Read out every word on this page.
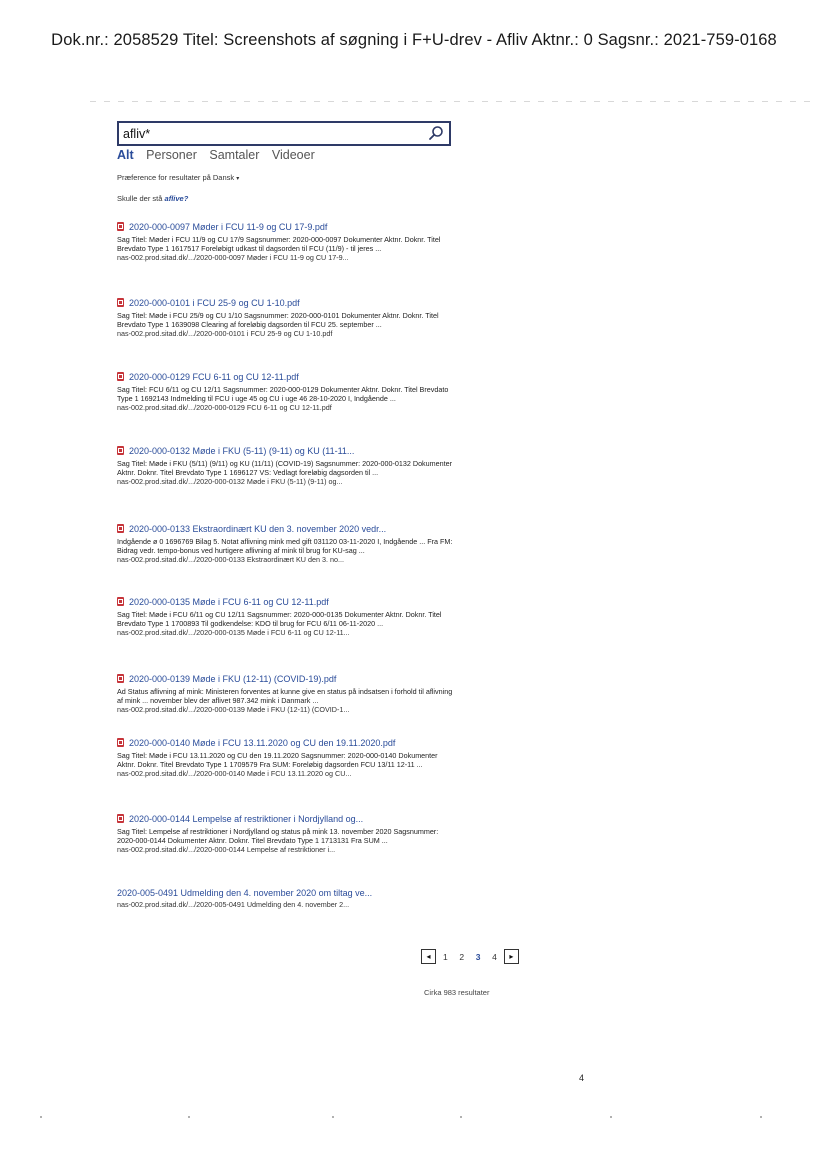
Dok.nr.: 2058529 Titel: Screenshots af søgning i F+U-drev - Afliv Aktnr.: 0 Sagsnr.: 2021-759-0168
afliv*
Alt Personer Samtaler Videoer
Præference for resultater på Dansk ▾
Skulle der stå aflive?
2020-000-0097 Møder i FCU 11-9 og CU 17-9.pdf
Sag Titel: Møder i FCU 11/9 og CU 17/9 Sagsnummer: 2020-000-0097 Dokumenter Aktnr. Doknr. Titel Brevdato Type 1 1617517 Foreløbigt udkast til dagsorden til FCU (11/9) - til jeres ...
nas-002.prod.sitad.dk/.../2020-000-0097 Møder i FCU 11-9 og CU 17-9...
2020-000-0101 i FCU 25-9 og CU 1-10.pdf
Sag Titel: Møde i FCU 25/9 og CU 1/10 Sagsnummer: 2020-000-0101 Dokumenter Aktnr. Doknr. Titel Brevdato Type 1 1639098 Clearing af foreløbig dagsorden til FCU 25. september ...
nas-002.prod.sitad.dk/.../2020-000-0101 i FCU 25-9 og CU 1-10.pdf
2020-000-0129 FCU 6-11 og CU 12-11.pdf
Sag Titel: FCU 6/11 og CU 12/11 Sagsnummer: 2020-000-0129 Dokumenter Aktnr. Doknr. Titel Brevdato Type 1 1692143 Indmelding til FCU i uge 45 og CU i uge 46 28-10-2020 I, Indgående ...
nas-002.prod.sitad.dk/.../2020-000-0129 FCU 6-11 og CU 12-11.pdf
2020-000-0132 Møde i FKU (5-11) (9-11) og KU (11-11...
Sag Titel: Møde i FKU (5/11) (9/11) og KU (11/11) (COVID-19) Sagsnummer: 2020-000-0132 Dokumenter Aktnr. Doknr. Titel Brevdato Type 1 1696127 VS: Vedlagt foreløbig dagsorden til ...
nas-002.prod.sitad.dk/.../2020-000-0132 Møde i FKU (5-11) (9-11) og...
2020-000-0133 Ekstraordinært KU den 3. november 2020 vedr...
Indgående ø 0 1696769 Bilag 5. Notat aflivning mink med gift 031120 03-11-2020 I, Indgående ... Fra FM: Bidrag vedr. tempo-bonus ved hurtigere aflivning af mink til brug for KU-sag ...
nas-002.prod.sitad.dk/.../2020-000-0133 Ekstraordinært KU den 3. no...
2020-000-0135 Møde i FCU 6-11 og CU 12-11.pdf
Sag Titel: Møde i FCU 6/11 og CU 12/11 Sagsnummer: 2020-000-0135 Dokumenter Aktnr. Doknr. Titel Brevdato Type 1 1700893 Til godkendelse: KDO til brug for FCU 6/11 06-11-2020 ...
nas-002.prod.sitad.dk/.../2020-000-0135 Møde i FCU 6-11 og CU 12-11...
2020-000-0139 Møde i FKU (12-11) (COVID-19).pdf
Ad Status aflivning af mink: Ministeren forventes at kunne give en status på indsatsen i forhold til aflivning af mink ... november blev der aflivet 987.342 mink i Danmark ...
nas-002.prod.sitad.dk/.../2020-000-0139 Møde i FKU (12-11) (COVID-1...
2020-000-0140 Møde i FCU 13.11.2020 og CU den 19.11.2020.pdf
Sag Titel: Møde i FCU 13.11.2020 og CU den 19.11.2020 Sagsnummer: 2020-000-0140 Dokumenter Aktnr. Doknr. Titel Brevdato Type 1 1709579 Fra SUM: Foreløbig dagsorden FCU 13/11 12-11 ...
nas-002.prod.sitad.dk/.../2020-000-0140 Møde i FCU 13.11.2020 og CU...
2020-000-0144 Lempelse af restriktioner i Nordjylland og...
Sag Titel: Lempelse af restriktioner i Nordjylland og status på mink 13. november 2020 Sagsnummer: 2020-000-0144 Dokumenter Aktnr. Doknr. Titel Brevdato Type 1 1713131 Fra SUM ...
nas-002.prod.sitad.dk/.../2020-000-0144 Lempelse af restriktioner i...
2020-005-0491 Udmelding den 4. november 2020 om tiltag ve...
nas-002.prod.sitad.dk/.../2020-005-0491 Udmelding den 4. november 2...
◂ 1 2 3 4 ▸
Cirka 983 resultater
4
